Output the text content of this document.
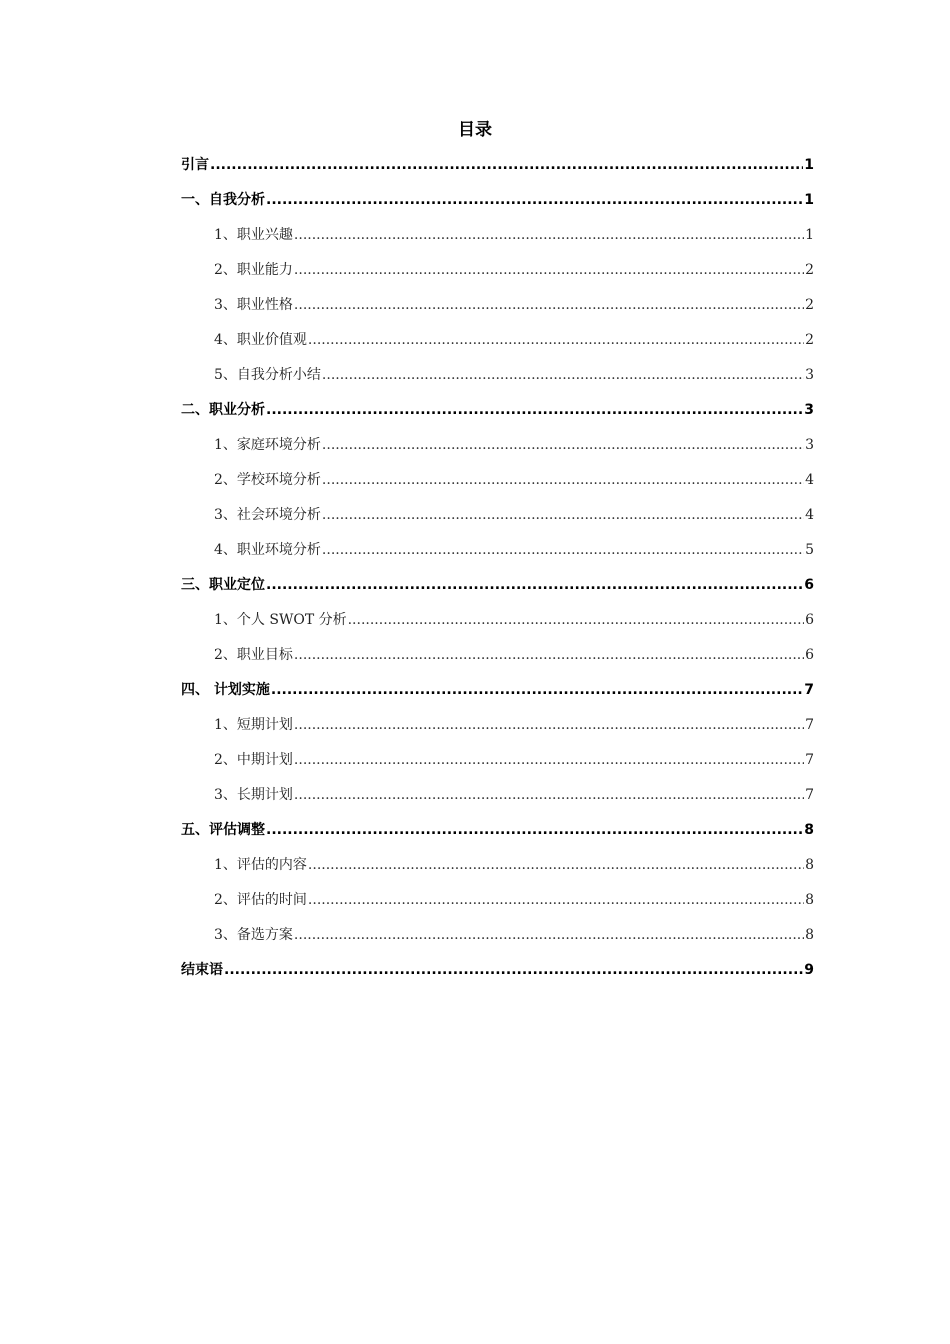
目录
引言 .....	1
一、自我分析 .....	1
1、职业兴趣 .....	1
2、职业能力 .....	2
3、职业性格 .....	2
4、职业价值观 .....	2
5、自我分析小结 .....	3
二、职业分析 .....	3
1、家庭环境分析 .....	3
2、学校环境分析 .....	4
3、社会环境分析 .....	4
4、职业环境分析 .....	5
三、职业定位 .....	6
1、个人 SWOT 分析 .....	6
2、职业目标 .....	6
四、 计划实施 .....	7
1、短期计划 .....	7
2、中期计划 .....	7
3、长期计划 .....	7
五、评估调整 .....	8
1、评估的内容 .....	8
2、评估的时间 .....	8
3、备选方案 .....	8
结束语 .....	9
